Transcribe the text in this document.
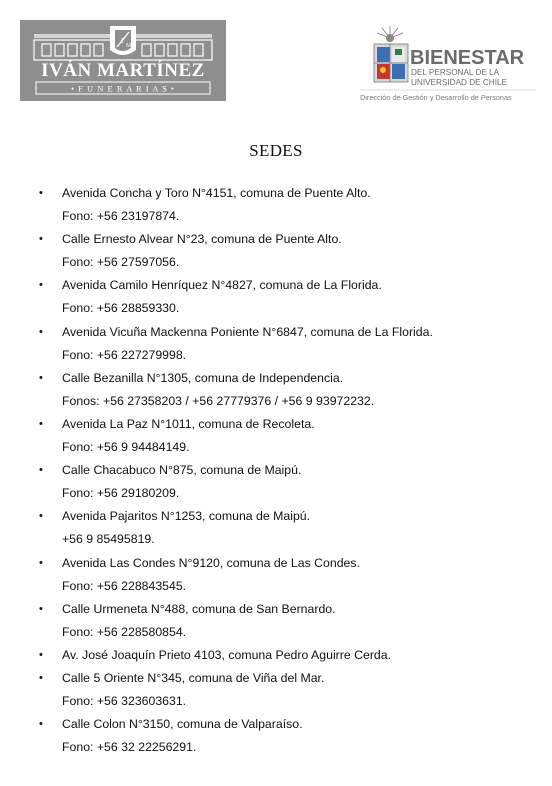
I
M
IVÁN MARTÍNEZ
• F U N E R A R I A S •
BIENESTAR
DEL PERSONAL DE LA
UNIVERSIDAD DE CHILE
Dirección de Gestión y Desarrollo de Personas
SEDES
• Avenida Concha y Toro N°4151, comuna de Puente Alto.
Fono: +56 23197874.
• Calle Ernesto Alvear N°23, comuna de Puente Alto.
Fono: +56 27597056.
• Avenida Camilo Henríquez N°4827, comuna de La Florida.
Fono: +56 28859330.
• Avenida Vicuña Mackenna Poniente N°6847, comuna de La Florida.
Fono: +56 227279998.
• Calle Bezanilla N°1305, comuna de Independencia.
Fonos: +56 27358203 / +56 27779376 / +56 9 93972232.
• Avenida La Paz N°1011, comuna de Recoleta.
Fono: +56 9 94484149.
• Calle Chacabuco N°875, comuna de Maipú.
Fono: +56 29180209.
• Avenida Pajaritos N°1253, comuna de Maipú.
+56 9 85495819.
• Avenida Las Condes N°9120, comuna de Las Condes.
Fono: +56 228843545.
• Calle Urmeneta N°488, comuna de San Bernardo.
Fono: +56 228580854.
• Av. José Joaquín Prieto 4103, comuna Pedro Aguirre Cerda.
• Calle 5 Oriente N°345, comuna de Viña del Mar.
Fono: +56 323603631.
• Calle Colon N°3150, comuna de Valparaíso.
Fono: +56 32 22256291.
